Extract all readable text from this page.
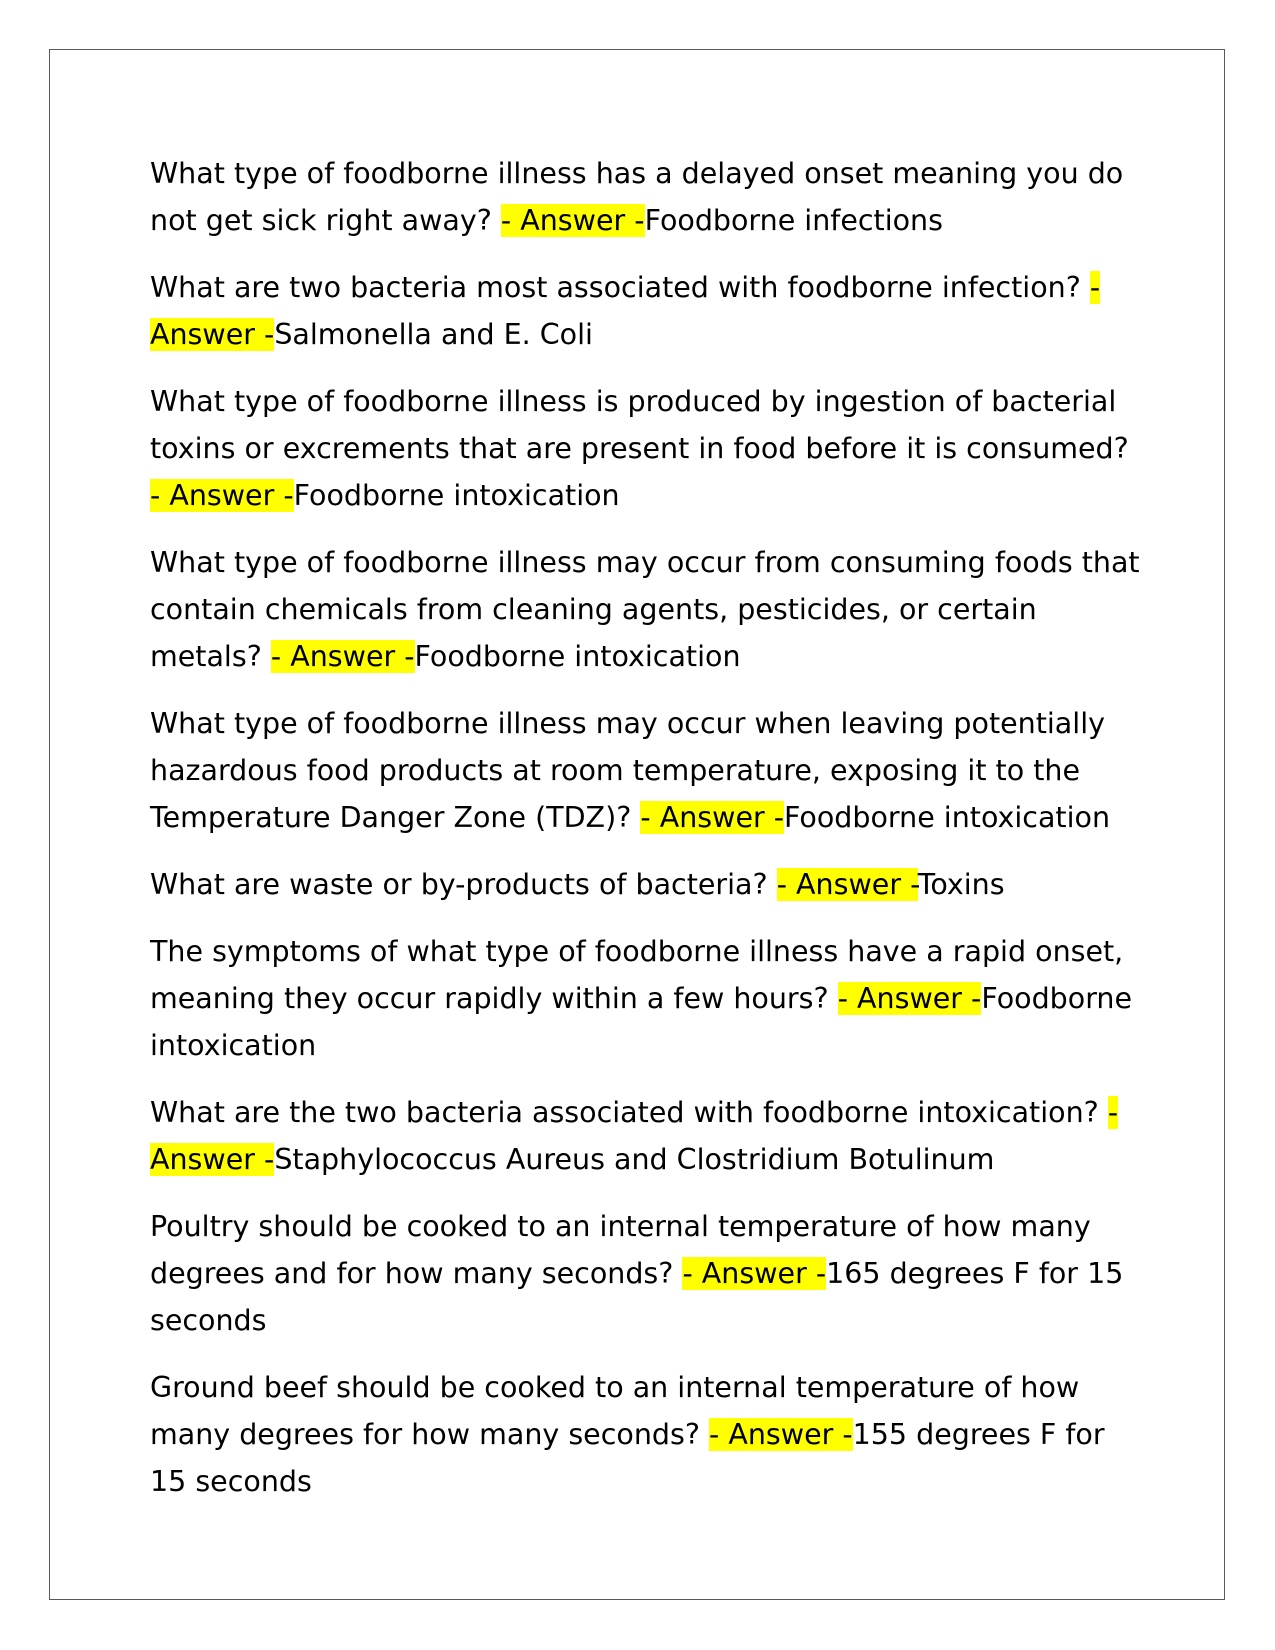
What type of foodborne illness has a delayed onset meaning you do not get sick right away? - Answer -Foodborne infections

What are two bacteria most associated with foodborne infection? - Answer -Salmonella and E. Coli

What type of foodborne illness is produced by ingestion of bacterial toxins or excrements that are present in food before it is consumed? - Answer -Foodborne intoxication

What type of foodborne illness may occur from consuming foods that contain chemicals from cleaning agents, pesticides, or certain metals? - Answer -Foodborne intoxication

What type of foodborne illness may occur when leaving potentially hazardous food products at room temperature, exposing it to the Temperature Danger Zone (TDZ)? - Answer -Foodborne intoxication

What are waste or by-products of bacteria? - Answer -Toxins

The symptoms of what type of foodborne illness have a rapid onset, meaning they occur rapidly within a few hours? - Answer -Foodborne intoxication

What are the two bacteria associated with foodborne intoxication? - Answer -Staphylococcus Aureus and Clostridium Botulinum

Poultry should be cooked to an internal temperature of how many degrees and for how many seconds? - Answer -165 degrees F for 15 seconds

Ground beef should be cooked to an internal temperature of how many degrees for how many seconds? - Answer -155 degrees F for 15 seconds
